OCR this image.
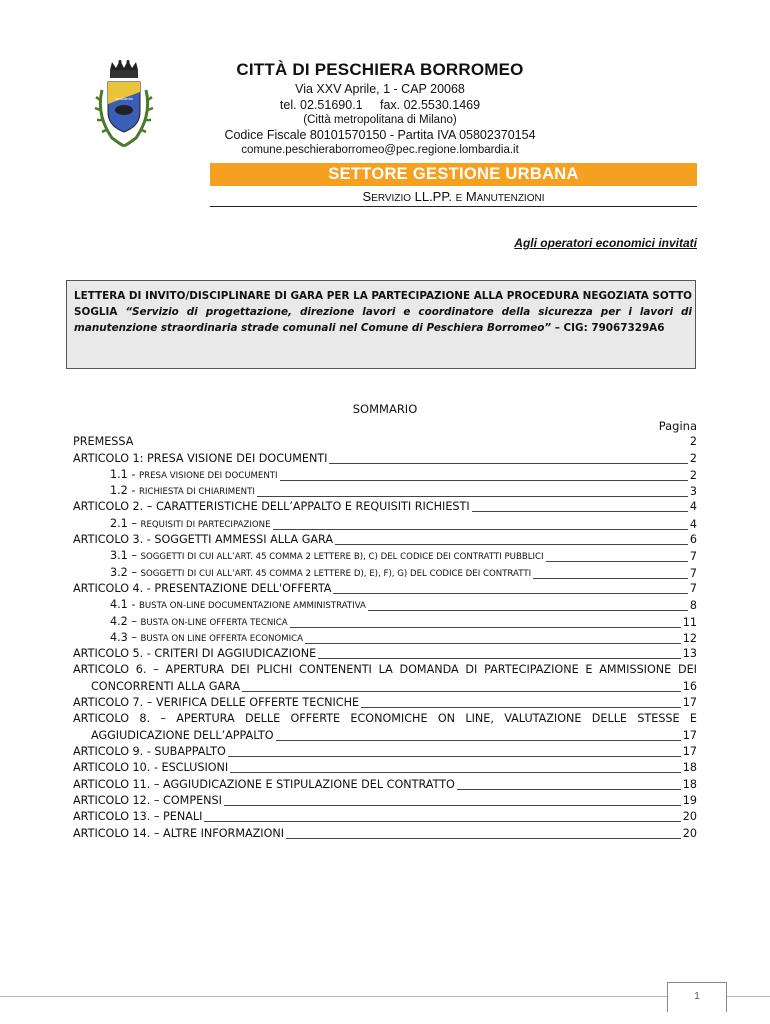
lombardia
CITTÀ DI PESCHIERA BORROMEO
Via XXV Aprile, 1 - CAP 20068
tel. 02.51690.1     fax. 02.5530.1469
(Città metropolitana di Milano)
Codice Fiscale 80101570150 - Partita IVA 05802370154
comune.peschieraborromeo@pec.regione.lombardia.it
SETTORE GESTIONE URBANA
SERVIZIO LL.PP. E MANUTENZIONI
Agli operatori economici invitati
LETTERA DI INVITO/DISCIPLINARE DI GARA PER LA PARTECIPAZIONE ALLA PROCEDURA NEGOZIATA SOTTO SOGLIA “Servizio di progettazione, direzione lavori e coordinatore della sicurezza per i lavori di manutenzione straordinaria strade comunali nel Comune di Peschiera Borromeo” – CIG: 79067329A6
SOMMARIO
Pagina
PREMESSA	2
ARTICOLO 1: PRESA VISIONE DEI DOCUMENTI	2
1.1 - PRESA VISIONE DEI DOCUMENTI	2
1.2 - RICHIESTA DI CHIARIMENTI	3
ARTICOLO 2. – CARATTERISTICHE DELL’APPALTO E REQUISITI RICHIESTI	4
2.1 – REQUISITI DI PARTECIPAZIONE	4
ARTICOLO 3. - SOGGETTI AMMESSI ALLA GARA	6
3.1 – SOGGETTI DI CUI ALL’ART. 45 COMMA 2 LETTERE B), C) DEL CODICE DEI CONTRATTI PUBBLICI	7
3.2 – SOGGETTI DI CUI ALL’ART. 45 COMMA 2 LETTERE D), E), F), G) DEL CODICE DEI CONTRATTI	7
ARTICOLO 4. - PRESENTAZIONE DELL'OFFERTA	7
4.1 - BUSTA ON-LINE DOCUMENTAZIONE AMMINISTRATIVA	8
4.2 – BUSTA ON-LINE OFFERTA TECNICA	11
4.3 – BUSTA ON LINE OFFERTA ECONOMICA	12
ARTICOLO 5. - CRITERI DI AGGIUDICAZIONE	13
ARTICOLO 6. – APERTURA DEI PLICHI CONTENENTI LA DOMANDA DI PARTECIPAZIONE E AMMISSIONE DEI
CONCORRENTI ALLA GARA	16
ARTICOLO 7. – VERIFICA DELLE OFFERTE TECNICHE	17
ARTICOLO 8. – APERTURA DELLE OFFERTE ECONOMICHE ON LINE, VALUTAZIONE DELLE STESSE E
AGGIUDICAZIONE DELL’APPALTO	17
ARTICOLO 9. - SUBAPPALTO	17
ARTICOLO 10. - ESCLUSIONI	18
ARTICOLO 11. – AGGIUDICAZIONE E STIPULAZIONE DEL CONTRATTO	18
ARTICOLO 12. – COMPENSI	19
ARTICOLO 13. – PENALI	20
ARTICOLO 14. – ALTRE INFORMAZIONI	20
1
